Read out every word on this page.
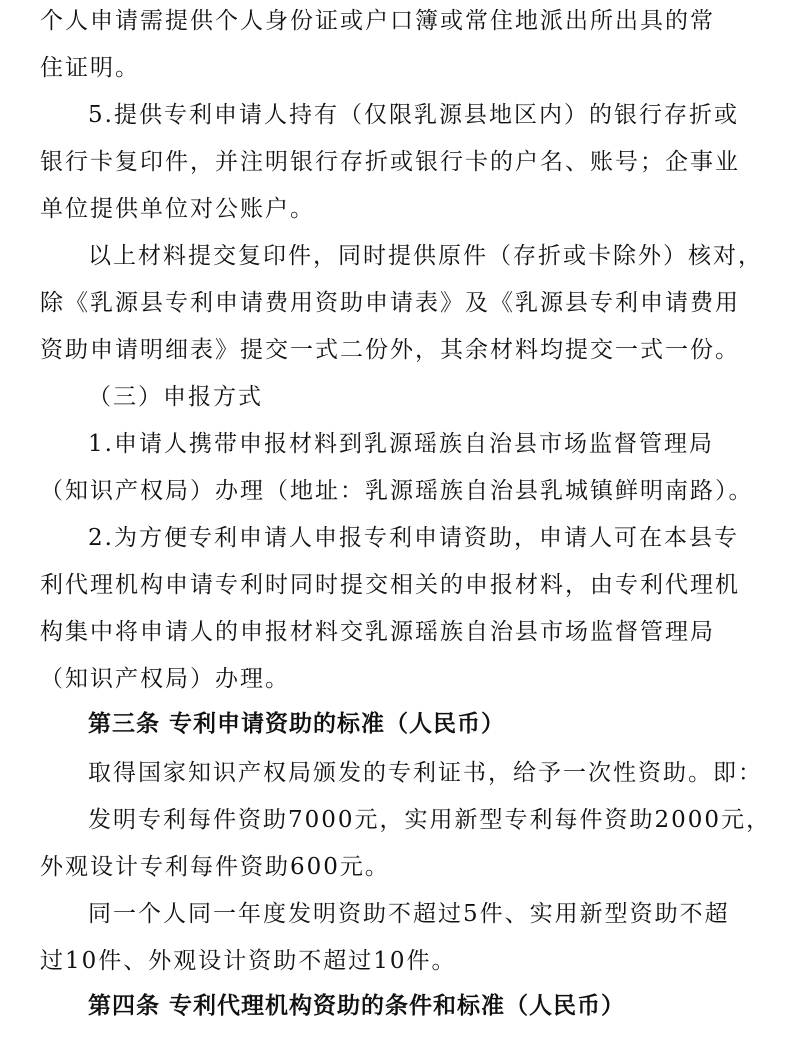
个人申请需提供个人身份证或户口簿或常住地派出所出具的常
住证明。
5.提供专利申请人持有（仅限乳源县地区内）的银行存折或
银行卡复印件，并注明银行存折或银行卡的户名、账号；企事业
单位提供单位对公账户。
以上材料提交复印件，同时提供原件（存折或卡除外）核对，
除《乳源县专利申请费用资助申请表》及《乳源县专利申请费用
资助申请明细表》提交一式二份外，其余材料均提交一式一份。
（三）申报方式
1.申请人携带申报材料到乳源瑶族自治县市场监督管理局
（知识产权局）办理（地址：乳源瑶族自治县乳城镇鲜明南路）。
2.为方便专利申请人申报专利申请资助，申请人可在本县专
利代理机构申请专利时同时提交相关的申报材料，由专利代理机
构集中将申请人的申报材料交乳源瑶族自治县市场监督管理局
（知识产权局）办理。
第三条 专利申请资助的标准（人民币）
取得国家知识产权局颁发的专利证书，给予一次性资助。即：
发明专利每件资助7000元，实用新型专利每件资助2000元，
外观设计专利每件资助600元。
同一个人同一年度发明资助不超过5件、实用新型资助不超
过10件、外观设计资助不超过10件。
第四条 专利代理机构资助的条件和标准（人民币）
